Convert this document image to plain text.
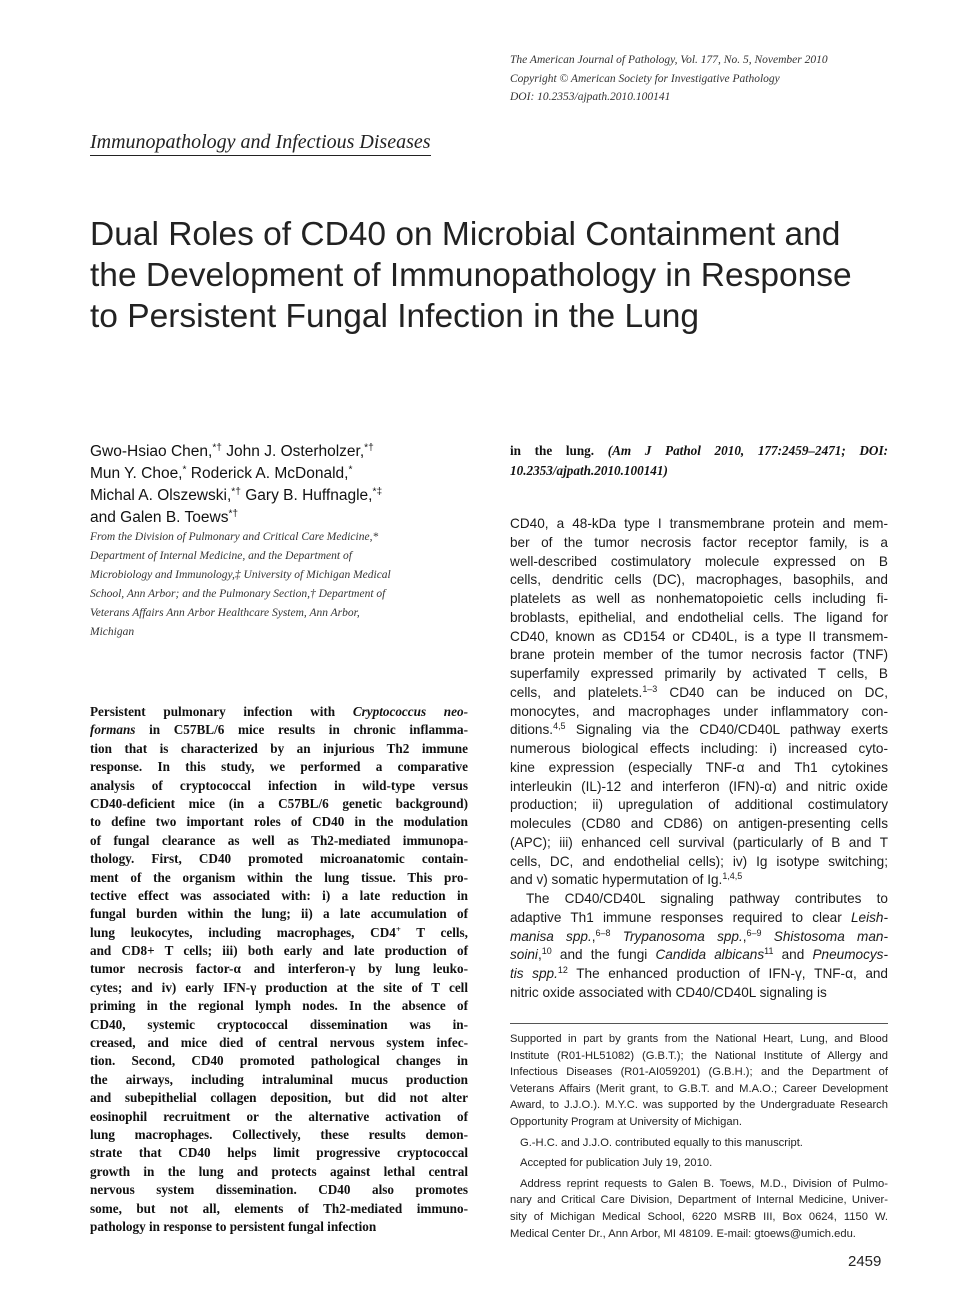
The American Journal of Pathology, Vol. 177, No. 5, November 2010
Copyright © American Society for Investigative Pathology
DOI: 10.2353/ajpath.2010.100141
Immunopathology and Infectious Diseases
Dual Roles of CD40 on Microbial Containment and
the Development of Immunopathology in Response
to Persistent Fungal Infection in the Lung
Gwo-Hsiao Chen,*† John J. Osterholzer,*†
Mun Y. Choe,* Roderick A. McDonald,*
Michal A. Olszewski,*† Gary B. Huffnagle,*‡
and Galen B. Toews*†
From the Division of Pulmonary and Critical Care Medicine,*
Department of Internal Medicine, and the Department of
Microbiology and Immunology,‡ University of Michigan Medical
School, Ann Arbor; and the Pulmonary Section,† Department of
Veterans Affairs Ann Arbor Healthcare System, Ann Arbor,
Michigan
Persistent pulmonary infection with Cryptococcus neo-
formans in C57BL/6 mice results in chronic inflamma-
tion that is characterized by an injurious Th2 immune
response. In this study, we performed a comparative
analysis of cryptococcal infection in wild-type versus
CD40-deficient mice (in a C57BL/6 genetic background)
to define two important roles of CD40 in the modulation
of fungal clearance as well as Th2-mediated immunopa-
thology. First, CD40 promoted microanatomic contain-
ment of the organism within the lung tissue. This pro-
tective effect was associated with: i) a late reduction in
fungal burden within the lung; ii) a late accumulation of
lung leukocytes, including macrophages, CD4+ T cells,
and CD8+ T cells; iii) both early and late production of
tumor necrosis factor-α and interferon-γ by lung leuko-
cytes; and iv) early IFN-γ production at the site of T cell
priming in the regional lymph nodes. In the absence of
CD40, systemic cryptococcal dissemination was in-
creased, and mice died of central nervous system infec-
tion. Second, CD40 promoted pathological changes in
the airways, including intraluminal mucus production
and subepithelial collagen deposition, but did not alter
eosinophil recruitment or the alternative activation of
lung macrophages. Collectively, these results demon-
strate that CD40 helps limit progressive cryptococcal
growth in the lung and protects against lethal central
nervous system dissemination. CD40 also promotes
some, but not all, elements of Th2-mediated immuno-
pathology in response to persistent fungal infection
in the lung. (Am J Pathol 2010, 177:2459–2471; DOI:
10.2353/ajpath.2010.100141)
CD40, a 48-kDa type I transmembrane protein and mem-
ber of the tumor necrosis factor receptor family, is a
well-described costimulatory molecule expressed on B
cells, dendritic cells (DC), macrophages, basophils, and
platelets as well as nonhematopoietic cells including fi-
broblasts, epithelial, and endothelial cells. The ligand for
CD40, known as CD154 or CD40L, is a type II transmem-
brane protein member of the tumor necrosis factor (TNF)
superfamily expressed primarily by activated T cells, B
cells, and platelets.$^{1-3}$ CD40 can be induced on DC,
monocytes, and macrophages under inflammatory con-
ditions.$^{4,5}$ Signaling via the CD40/CD40L pathway exerts
numerous biological effects including: i) increased cyto-
kine expression (especially TNF-α and Th1 cytokines
interleukin (IL)-12 and interferon (IFN)-α) and nitric oxide
production; ii) upregulation of additional costimulatory
molecules (CD80 and CD86) on antigen-presenting cells
(APC); iii) enhanced cell survival (particularly of B and T
cells, DC, and endothelial cells); iv) Ig isotype switching;
and v) somatic hypermutation of Ig.$^{1,4,5}$
The CD40/CD40L signaling pathway contributes to
adaptive Th1 immune responses required to clear Leish-
manisa spp.,$^{6-8}$ Trypanosoma spp.,$^{6-9}$ Shistosoma man-
soini,$^{10}$ and the fungi Candida albicans$^{11}$ and Pneumocys-
tis spp.$^{12}$ The enhanced production of IFN-γ, TNF-α, and
nitric oxide associated with CD40/CD40L signaling is
Supported in part by grants from the National Heart, Lung, and Blood
Institute (R01-HL51082) (G.B.T.); the National Institute of Allergy and
Infectious Diseases (R01-AI059201) (G.B.H.); and the Department of
Veterans Affairs (Merit grant, to G.B.T. and M.A.O.; Career Development
Award, to J.J.O.). M.Y.C. was supported by the Undergraduate Research
Opportunity Program at University of Michigan.
G.-H.C. and J.J.O. contributed equally to this manuscript.
Accepted for publication July 19, 2010.
Address reprint requests to Galen B. Toews, M.D., Division of Pulmo-
nary and Critical Care Division, Department of Internal Medicine, Univer-
sity of Michigan Medical School, 6220 MSRB III, Box 0624, 1150 W.
Medical Center Dr., Ann Arbor, MI 48109. E-mail: gtoews@umich.edu.
2459
